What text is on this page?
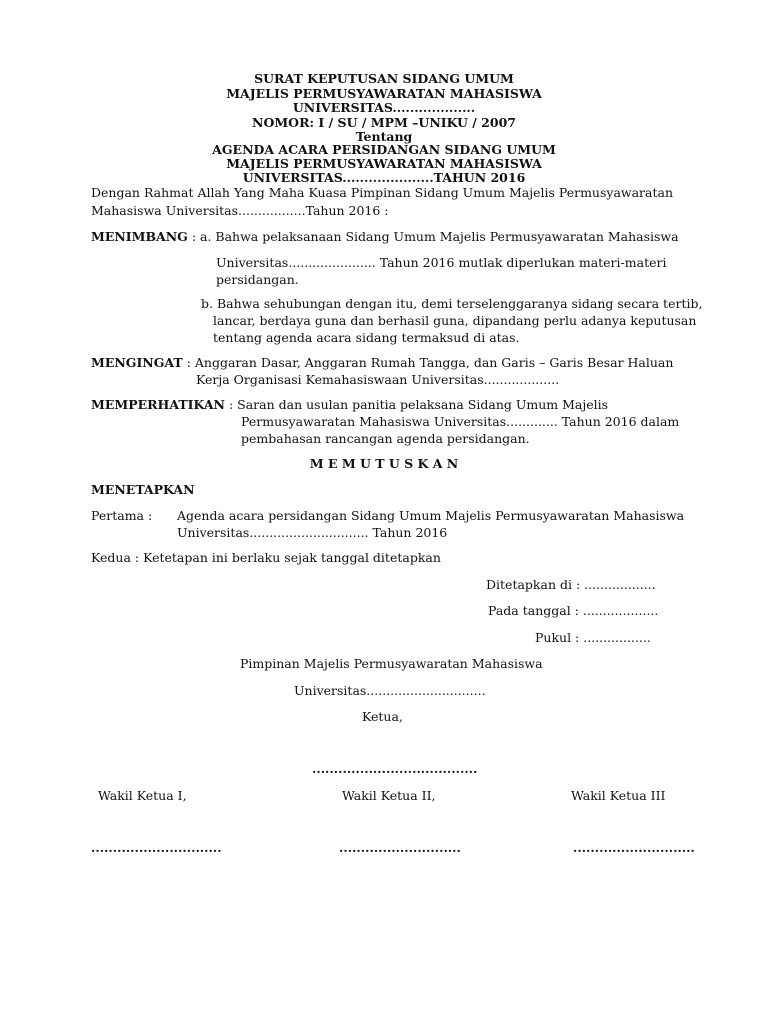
SURAT KEPUTUSAN SIDANG UMUM
MAJELIS PERMUSYAWARATAN MAHASISWA
UNIVERSITAS...................
NOMOR: I / SU / MPM –UNIKU / 2007
Tentang
AGENDA ACARA PERSIDANGAN SIDANG UMUM
MAJELIS PERMUSYAWARATAN MAHASISWA
UNIVERSITAS.....................TAHUN 2016
Dengan Rahmat Allah Yang Maha Kuasa Pimpinan Sidang Umum Majelis Permusyawaratan
Mahasiswa Universitas.................Tahun 2016 :
MENIMBANG : a. Bahwa pelaksanaan Sidang Umum Majelis Permusyawaratan Mahasiswa
Universitas...................... Tahun 2016 mutlak diperlukan materi-materi
persidangan.
b. Bahwa sehubungan dengan itu, demi terselenggaranya sidang secara tertib,
lancar, berdaya guna dan berhasil guna, dipandang perlu adanya keputusan
tentang agenda acara sidang termaksud di atas.
MENGINGAT : Anggaran Dasar, Anggaran Rumah Tangga, dan Garis – Garis Besar Haluan
Kerja Organisasi Kemahasiswaan Universitas...................
MEMPERHATIKAN : Saran dan usulan panitia pelaksana Sidang Umum Majelis
Permusyawaratan Mahasiswa Universitas............. Tahun 2016 dalam
pembahasan rancangan agenda persidangan.
M E M U T U S K A N
MENETAPKAN
Pertama : Agenda acara persidangan Sidang Umum Majelis Permusyawaratan Mahasiswa
Universitas.............................. Tahun 2016
Kedua : Ketetapan ini berlaku sejak tanggal ditetapkan
Ditetapkan di : ..................
Pada tanggal : ...................
Pukul : .................
Pimpinan Majelis Permusyawaratan Mahasiswa
Universitas..............................
Ketua,
......................................
Wakil Ketua I,	Wakil Ketua II,	Wakil Ketua III
..............................	............................	............................
